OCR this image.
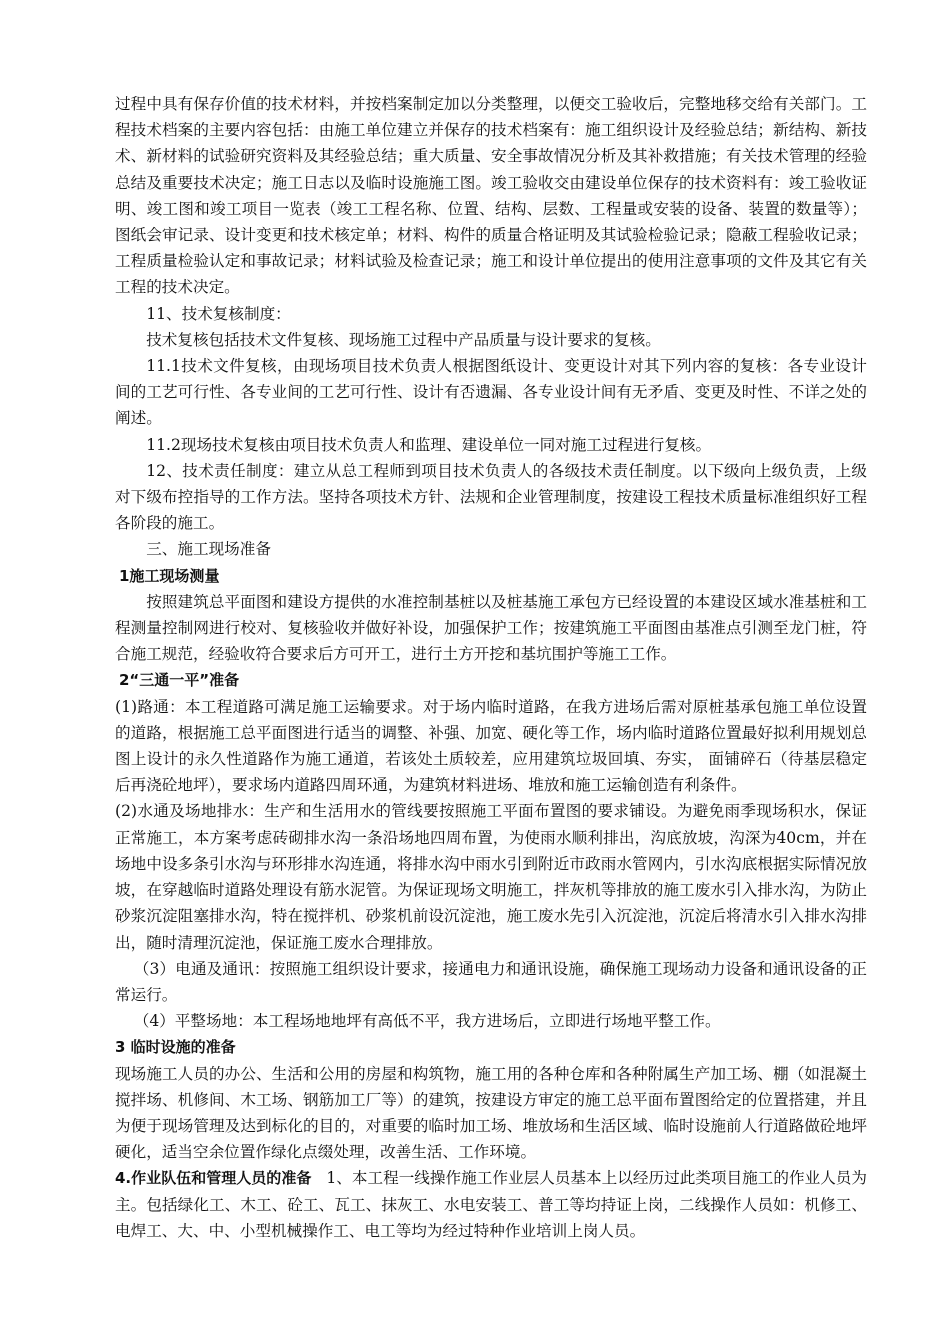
过程中具有保存价值的技术材料，并按档案制定加以分类整理，以便交工验收后，完整地移交给有关部门。工程技术档案的主要内容包括：由施工单位建立并保存的技术档案有：施工组织设计及经验总结；新结构、新技术、新材料的试验研究资料及其经验总结；重大质量、安全事故情况分析及其补救措施；有关技术管理的经验总结及重要技术决定；施工日志以及临时设施施工图。竣工验收交由建设单位保存的技术资料有：竣工验收证明、竣工图和竣工项目一览表（竣工工程名称、位置、结构、层数、工程量或安装的设备、装置的数量等）；图纸会审记录、设计变更和技术核定单；材料、构件的质量合格证明及其试验检验记录；隐蔽工程验收记录；工程质量检验认定和事故记录；材料试验及检查记录；施工和设计单位提出的使用注意事项的文件及其它有关工程的技术决定。

11、技术复核制度：

技术复核包括技术文件复核、现场施工过程中产品质量与设计要求的复核。

11.1技术文件复核，由现场项目技术负责人根据图纸设计、变更设计对其下列内容的复核：各专业设计间的工艺可行性、各专业间的工艺可行性、设计有否遗漏、各专业设计间有无矛盾、变更及时性、不详之处的阐述。

11.2现场技术复核由项目技术负责人和监理、建设单位一同对施工过程进行复核。

12、技术责任制度：建立从总工程师到项目技术负责人的各级技术责任制度。以下级向上级负责，上级对下级布控指导的工作方法。坚持各项技术方针、法规和企业管理制度，按建设工程技术质量标准组织好工程各阶段的施工。

三、施工现场准备

1施工现场测量

按照建筑总平面图和建设方提供的水准控制基桩以及桩基施工承包方已经设置的本建设区域水准基桩和工程测量控制网进行校对、复核验收并做好补设，加强保护工作；按建筑施工平面图由基准点引测至龙门桩，符合施工规范，经验收符合要求后方可开工，进行土方开挖和基坑围护等施工工作。

2“三通一平”准备

(1)路通：本工程道路可满足施工运输要求。对于场内临时道路，在我方进场后需对原桩基承包施工单位设置的道路，根据施工总平面图进行适当的调整、补强、加宽、硬化等工作，场内临时道路位置最好拟利用规划总图上设计的永久性道路作为施工通道，若该处土质较差，应用建筑垃圾回填、夯实， 面铺碎石（待基层稳定后再浇砼地坪），要求场内道路四周环通，为建筑材料进场、堆放和施工运输创造有利条件。

(2)水通及场地排水：生产和生活用水的管线要按照施工平面布置图的要求铺设。为避免雨季现场积水，保证正常施工，本方案考虑砖砌排水沟一条沿场地四周布置，为使雨水顺利排出，沟底放坡，沟深为40cm，并在场地中设多条引水沟与环形排水沟连通，将排水沟中雨水引到附近市政雨水管网内，引水沟底根据实际情况放坡，在穿越临时道路处理设有筋水泥管。为保证现场文明施工，拌灰机等排放的施工废水引入排水沟，为防止砂浆沉淀阻塞排水沟，特在搅拌机、砂浆机前设沉淀池，施工废水先引入沉淀池，沉淀后将清水引入排水沟排出，随时清理沉淀池，保证施工废水合理排放。

（3）电通及通讯：按照施工组织设计要求，接通电力和通讯设施，确保施工现场动力设备和通讯设备的正常运行。

（4）平整场地：本工程场地地坪有高低不平，我方进场后，立即进行场地平整工作。

3 临时设施的准备

现场施工人员的办公、生活和公用的房屋和构筑物，施工用的各种仓库和各种附属生产加工场、棚（如混凝土搅拌场、机修间、木工场、钢筋加工厂等）的建筑，按建设方审定的施工总平面布置图给定的位置搭建，并且为便于现场管理及达到标化的目的，对重要的临时加工场、堆放场和生活区域、临时设施前人行道路做砼地坪硬化，适当空余位置作绿化点缀处理，改善生活、工作环境。

4.作业队伍和管理人员的准备 1、本工程一线操作施工作业层人员基本上以经历过此类项目施工的作业人员为主。包括绿化工、木工、砼工、瓦工、抹灰工、水电安装工、普工等均持证上岗，二线操作人员如：机修工、电焊工、大、中、小型机械操作工、电工等均为经过特种作业培训上岗人员。
